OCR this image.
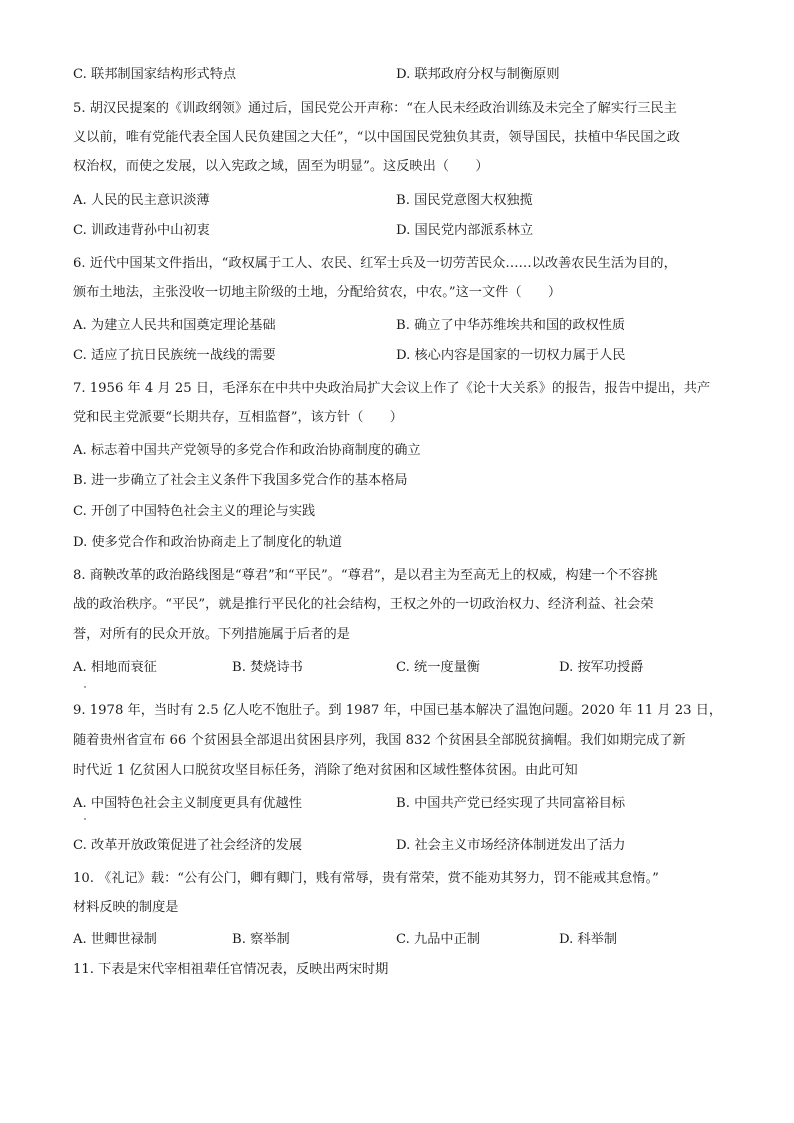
C. 联邦制国家结构形式特点	D. 联邦政府分权与制衡原则
5. 胡汉民提案的《训政纲领》通过后，国民党公开声称：“在人民未经政治训练及未完全了解实行三民主
义以前，唯有党能代表全国人民负建国之大任”，“以中国国民党独负其责，领导国民，扶植中华民国之政
权治权，而使之发展，以入宪政之域，固至为明显”。这反映出（　　）
A. 人民的民主意识淡薄	B. 国民党意图大权独揽
C. 训政违背孙中山初衷	D. 国民党内部派系林立
6. 近代中国某文件指出，“政权属于工人、农民、红军士兵及一切劳苦民众……以改善农民生活为目的，
颁布土地法，主张没收一切地主阶级的土地，分配给贫农，中农。”这一文件（　　）
A. 为建立人民共和国奠定理论基础	B. 确立了中华苏维埃共和国的政权性质
C. 适应了抗日民族统一战线的需要	D. 核心内容是国家的一切权力属于人民
7. 1956 年 4 月 25 日，毛泽东在中共中央政治局扩大会议上作了《论十大关系》的报告，报告中提出，共产
党和民主党派要“长期共存，互相监督”，该方针（　　）
A. 标志着中国共产党领导的多党合作和政治协商制度的确立
B. 进一步确立了社会主义条件下我国多党合作的基本格局
C. 开创了中国特色社会主义的理论与实践
D. 使多党合作和政治协商走上了制度化的轨道
8. 商鞅改革的政治路线图是“尊君”和“平民”。“尊君”，是以君主为至高无上的权威，构建一个不容挑
战的政治秩序。“平民”，就是推行平民化的社会结构，王权之外的一切政治权力、经济利益、社会荣
誉，对所有的民众开放。下列措施属于后者的是
A. 相地而衰征	B. 焚烧诗书	C. 统一度量衡	D. 按军功授爵
9. 1978 年，当时有 2.5 亿人吃不饱肚子。到 1987 年，中国已基本解决了温饱问题。2020 年 11 月 23 日，
随着贵州省宣布 66 个贫困县全部退出贫困县序列，我国 832 个贫困县全部脱贫摘帽。我们如期完成了新
时代近 1 亿贫困人口脱贫攻坚目标任务，消除了绝对贫困和区域性整体贫困。由此可知
A. 中国特色社会主义制度更具有优越性	B. 中国共产党已经实现了共同富裕目标
C. 改革开放政策促进了社会经济的发展	D. 社会主义市场经济体制迸发出了活力
10. 《礼记》载：“公有公门，卿有卿门，贱有常辱，贵有常荣，赏不能劝其努力，罚不能戒其怠惰。”
材料反映的制度是
A. 世卿世禄制	B. 察举制	C. 九品中正制	D. 科举制
11. 下表是宋代宰相祖辈任官情况表，反映出两宋时期
